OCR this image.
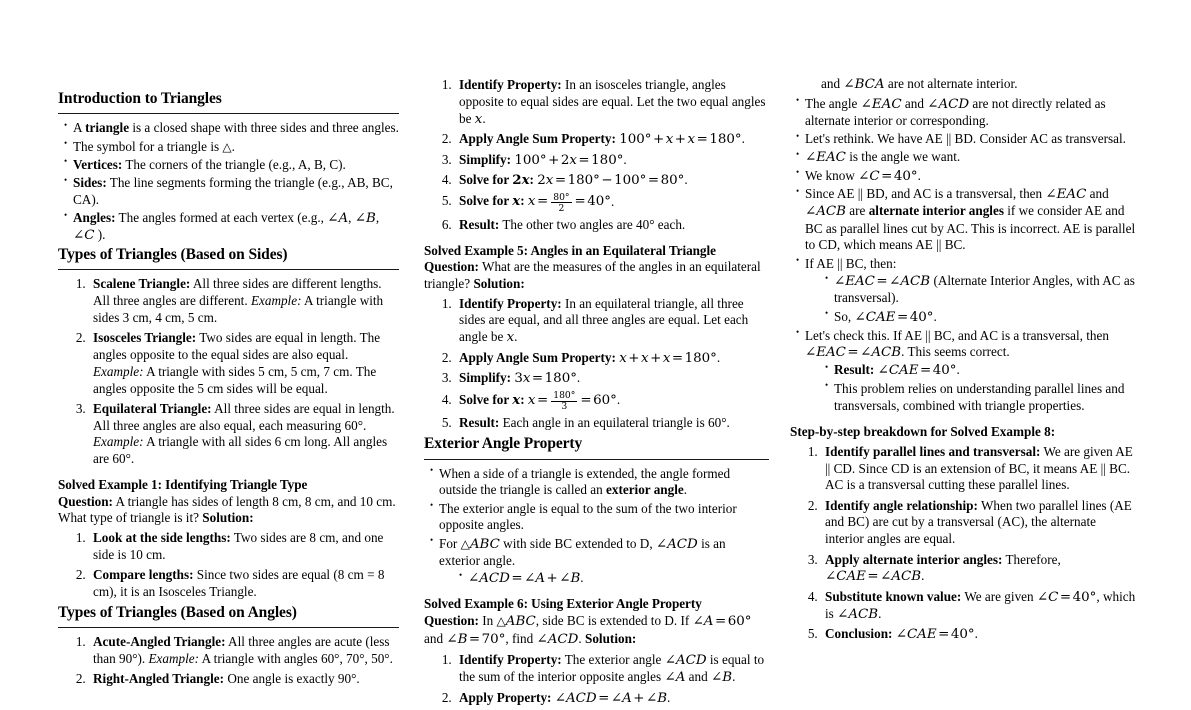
Introduction to Triangles
• A triangle is a closed shape with three sides and three angles.
• The symbol for a triangle is △.
• Vertices: The corners of the triangle (e.g., A, B, C).
• Sides: The line segments forming the triangle (e.g., AB, BC, CA).
• Angles: The angles formed at each vertex (e.g., ∠A, ∠B, ∠C ).
Types of Triangles (Based on Sides)
1. Scalene Triangle: All three sides are different lengths. All three angles are different. Example: A triangle with sides 3 cm, 4 cm, 5 cm.
2. Isosceles Triangle: Two sides are equal in length. The angles opposite to the equal sides are also equal. Example: A triangle with sides 5 cm, 5 cm, 7 cm. The angles opposite the 5 cm sides will be equal.
3. Equilateral Triangle: All three sides are equal in length. All three angles are also equal, each measuring 60°. Example: A triangle with all sides 6 cm long. All angles are 60°.
Solved Example 1: Identifying Triangle Type

Question: A triangle has sides of length 8 cm, 8 cm, and 10 cm. What type of triangle is it? Solution:

1. Look at the side lengths: Two sides are 8 cm, and one side is 10 cm.
2. Compare lengths: Since two sides are equal (8 cm = 8 cm), it is an Isosceles Triangle.
Types of Triangles (Based on Angles)
1. Acute-Angled Triangle: All three angles are acute (less than 90°). Example: A triangle with angles 60°, 70°, 50°.
2. Right-Angled Triangle: One angle is exactly 90°.
1. Identify Property: In an isosceles triangle, angles opposite to equal sides are equal. Let the two equal angles be x.
2. Apply Angle Sum Property: 100° + x + x = 180°.
3. Simplify: 100° + 2x = 180°.
4. Solve for 2x: 2x = 180° − 100° = 80°.
5. Solve for x: $x = \frac{80^\circ}{2} = 40^\circ$.
6. Result: The other two angles are 40° each.
Solved Example 5: Angles in an Equilateral Triangle

Question: What are the measures of the angles in an equilateral triangle? Solution:

1. Identify Property: In an equilateral triangle, all three sides are equal, and all three angles are equal. Let each angle be x.
2. Apply Angle Sum Property: x + x + x = 180°.
3. Simplify: 3x = 180°.
4. Solve for x: $x = \frac{180^\circ}{3} = 60^\circ$.
5. Result: Each angle in an equilateral triangle is 60°.
Exterior Angle Property
• When a side of a triangle is extended, the angle formed outside the triangle is called an exterior angle.
• The exterior angle is equal to the sum of the two interior opposite angles.
• For △ABC with side BC extended to D, ∠ACD is an exterior angle.
• ∠ACD = ∠A + ∠B.
Solved Example 6: Using Exterior Angle Property

Question: In △ABC, side BC is extended to D. If ∠A = 60° and ∠B = 70°, find ∠ACD. Solution:

1. Identify Property: The exterior angle ∠ACD is equal to the sum of the interior opposite angles ∠A and ∠B.
2. Apply Property: ∠ACD = ∠A + ∠B.

and ∠BCA are not alternate interior.

• The angle ∠EAC and ∠ACD are not directly related as alternate interior or corresponding.
• Let's rethink. We have AE || BD. Consider AC as transversal.
• ∠EAC is the angle we want.
• We know ∠C = 40°.
• Since AE || BD, and AC is a transversal, then ∠EAC and ∠ACB are alternate interior angles if we consider AE and BC as parallel lines cut by AC. This is incorrect. AE is parallel to CD, which means AE || BC.
• If AE || BC, then:
• ∠EAC = ∠ACB (Alternate Interior Angles, with AC as transversal).
• So, ∠CAE = 40°.
• Let's check this. If AE || BC, and AC is a transversal, then ∠EAC = ∠ACB. This seems correct.
• Result: ∠CAE = 40°.
• This problem relies on understanding parallel lines and transversals, combined with triangle properties.

Step-by-step breakdown for Solved Example 8:

1. Identify parallel lines and transversal: We are given AE || CD. Since CD is an extension of BC, it means AE || BC. AC is a transversal cutting these parallel lines.
2. Identify angle relationship: When two parallel lines (AE and BC) are cut by a transversal (AC), the alternate interior angles are equal.
3. Apply alternate interior angles: Therefore, ∠CAE = ∠ACB.
4. Substitute known value: We are given ∠C = 40°, which is ∠ACB.
5. Conclusion: ∠CAE = 40°.
